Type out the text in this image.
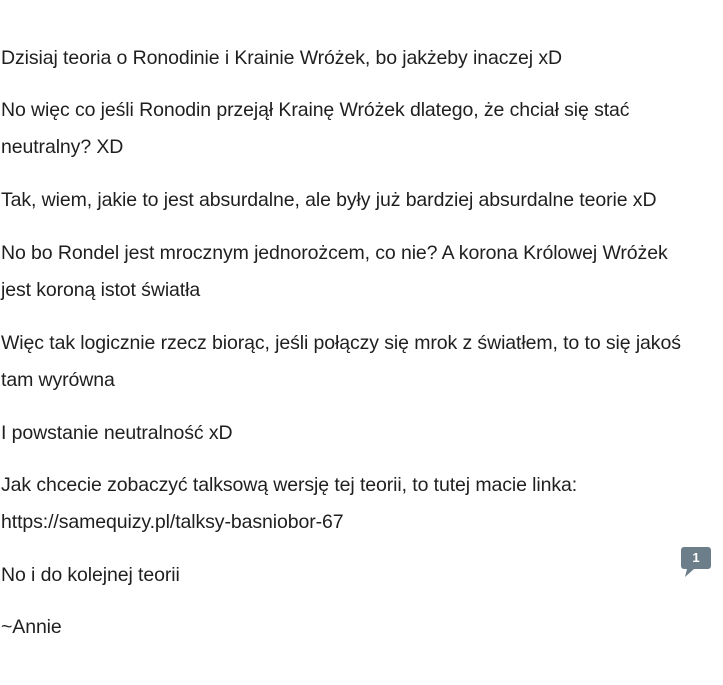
Dzisiaj teoria o Ronodinie i Krainie Wróżek, bo jakżeby inaczej xD

No więc co jeśli Ronodin przejął Krainę Wróżek dlatego, że chciał się stać neutralny? XD

Tak, wiem, jakie to jest absurdalne, ale były już bardziej absurdalne teorie xD

No bo Rondel jest mrocznym jednorożcem, co nie? A korona Królowej Wróżek jest koroną istot światła

Więc tak logicznie rzecz biorąc, jeśli połączy się mrok z światłem, to to się jakoś tam wyrówna

I powstanie neutralność xD

Jak chcecie zobaczyć talksową wersję tej teorii, to tutej macie linka:
https://samequizy.pl/talksy-basniobor-67

No i do kolejnej teorii

~Annie

1
